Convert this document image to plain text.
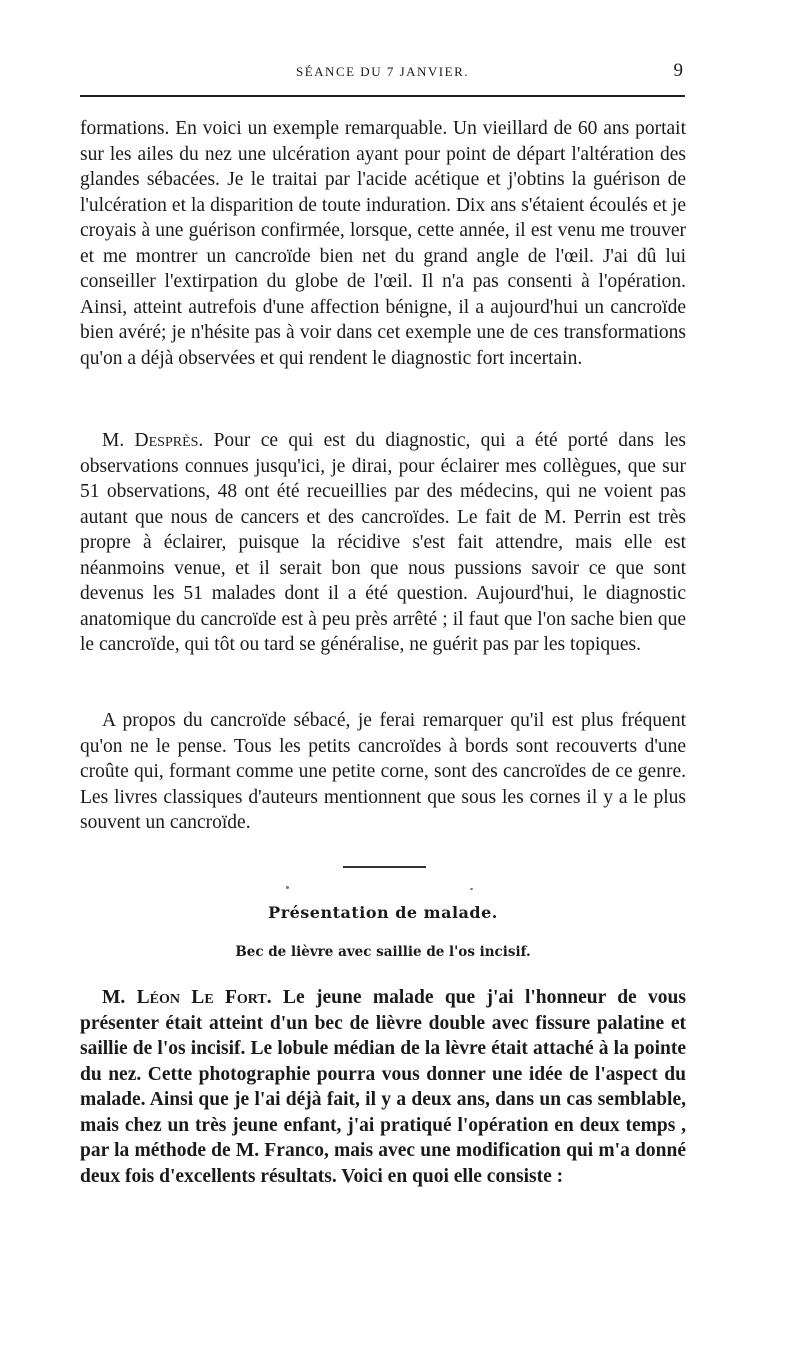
SÉANCE DU 7 JANVIER.	9

formations. En voici un exemple remarquable. Un vieillard de 60 ans portait sur les ailes du nez une ulcération ayant pour point de départ l'altération des glandes sébacées. Je le traitai par l'acide acétique et j'obtins la guérison de l'ulcération et la disparition de toute induration. Dix ans s'étaient écoulés et je croyais à une guérison confirmée, lorsque, cette année, il est venu me trouver et me montrer un cancroïde bien net du grand angle de l'œil. J'ai dû lui conseiller l'extirpation du globe de l'œil. Il n'a pas consenti à l'opération. Ainsi, atteint autrefois d'une affection bénigne, il a aujourd'hui un cancroïde bien avéré; je n'hésite pas à voir dans cet exemple une de ces transformations qu'on a déjà observées et qui rendent le diagnostic fort incertain.

M. Desprès. Pour ce qui est du diagnostic, qui a été porté dans les observations connues jusqu'ici, je dirai, pour éclairer mes collègues, que sur 51 observations, 48 ont été recueillies par des médecins, qui ne voient pas autant que nous de cancers et des cancroïdes. Le fait de M. Perrin est très propre à éclairer, puisque la récidive s'est fait attendre, mais elle est néanmoins venue, et il serait bon que nous pussions savoir ce que sont devenus les 51 malades dont il a été question. Aujourd'hui, le diagnostic anatomique du cancroïde est à peu près arrêté ; il faut que l'on sache bien que le cancroïde, qui tôt ou tard se généralise, ne guérit pas par les topiques.

A propos du cancroïde sébacé, je ferai remarquer qu'il est plus fréquent qu'on ne le pense. Tous les petits cancroïdes à bords sont recouverts d'une croûte qui, formant comme une petite corne, sont des cancroïdes de ce genre. Les livres classiques d'auteurs mentionnent que sous les cornes il y a le plus souvent un cancroïde.

Présentation de malade.
Bec de lièvre avec saillie de l'os incisif.

M. Léon Le Fort. Le jeune malade que j'ai l'honneur de vous présenter était atteint d'un bec de lièvre double avec fissure palatine et saillie de l'os incisif. Le lobule médian de la lèvre était attaché à la pointe du nez. Cette photographie pourra vous donner une idée de l'aspect du malade. Ainsi que je l'ai déjà fait, il y a deux ans, dans un cas semblable, mais chez un très jeune enfant, j'ai pratiqué l'opération en deux temps , par la méthode de M. Franco, mais avec une modification qui m'a donné deux fois d'excellents résultats. Voici en quoi elle consiste :
